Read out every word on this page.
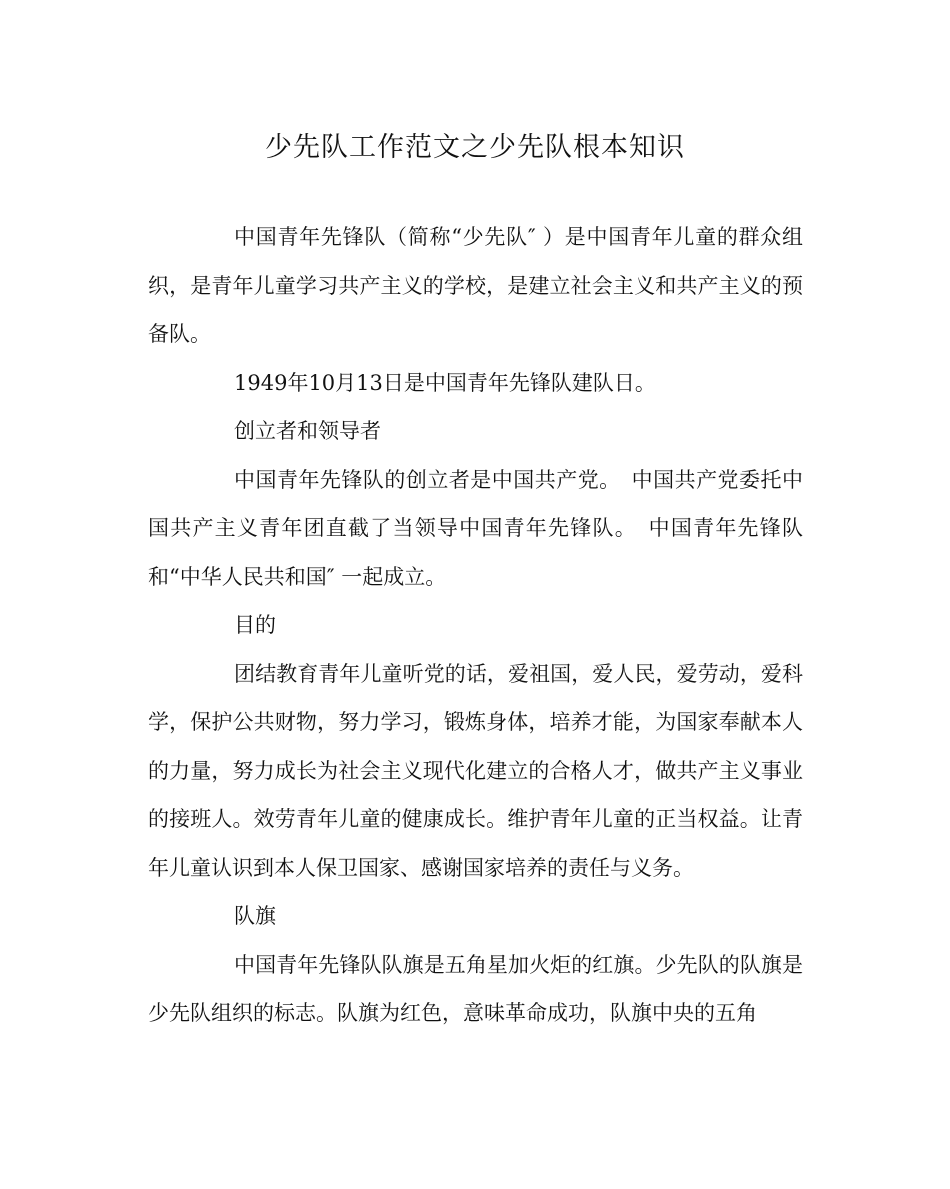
少先队工作范文之少先队根本知识

中国青年先锋队（简称“少先队″ ）是中国青年儿童的群众组织，是青年儿童学习共产主义的学校，是建立社会主义和共产主义的预备队。

1949年10月13日是中国青年先锋队建队日。

创立者和领导者

中国青年先锋队的创立者是中国共产党。　中国共产党委托中国共产主义青年团直截了当领导中国青年先锋队。　中国青年先锋队和“中华人民共和国″ 一起成立。

目的

团结教育青年儿童听党的话，爱祖国，爱人民，爱劳动，爱科学，保护公共财物，努力学习，锻炼身体，培养才能，为国家奉献本人的力量，努力成长为社会主义现代化建立的合格人才，做共产主义事业的接班人。效劳青年儿童的健康成长。维护青年儿童的正当权益。让青年儿童认识到本人保卫国家、感谢国家培养的责任与义务。

队旗

中国青年先锋队队旗是五角星加火炬的红旗。少先队的队旗是少先队组织的标志。队旗为红色，意味革命成功，队旗中央的五角
